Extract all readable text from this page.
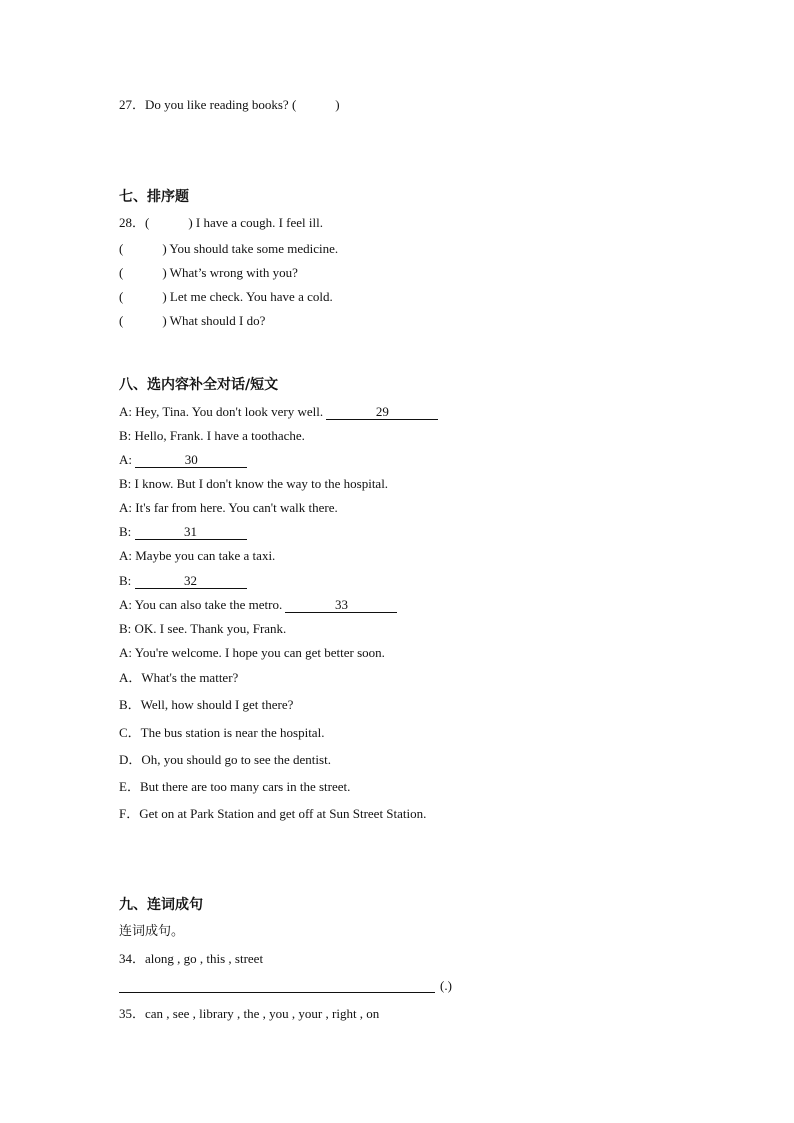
27．Do you like reading books? (            )
七、排序题
28．(            ) I have a cough. I feel ill.
(            ) You should take some medicine.
(            ) What’s wrong with you?
(            ) Let me check. You have a cold.
(            ) What should I do?
八、选内容补全对话/短文
A: Hey, Tina. You don't look very well.	29
B: Hello, Frank. I have a toothache.
A:	30
B: I know. But I don't know the way to the hospital.
A: It's far from here. You can't walk there.
B:	31
A: Maybe you can take a taxi.
B:	32
A: You can also take the metro.	33
B: OK. I see. Thank you, Frank.
A: You're welcome. I hope you can get better soon.
A．What's the matter?
B．Well, how should I get there?
C．The bus station is near the hospital.
D．Oh, you should go to see the dentist.
E．But there are too many cars in the street.
F．Get on at Park Station and get off at Sun Street Station.
九、连词成句
连词成句。
34．along , go , this , street
(.)
35．can , see , library , the , you , your , right , on
